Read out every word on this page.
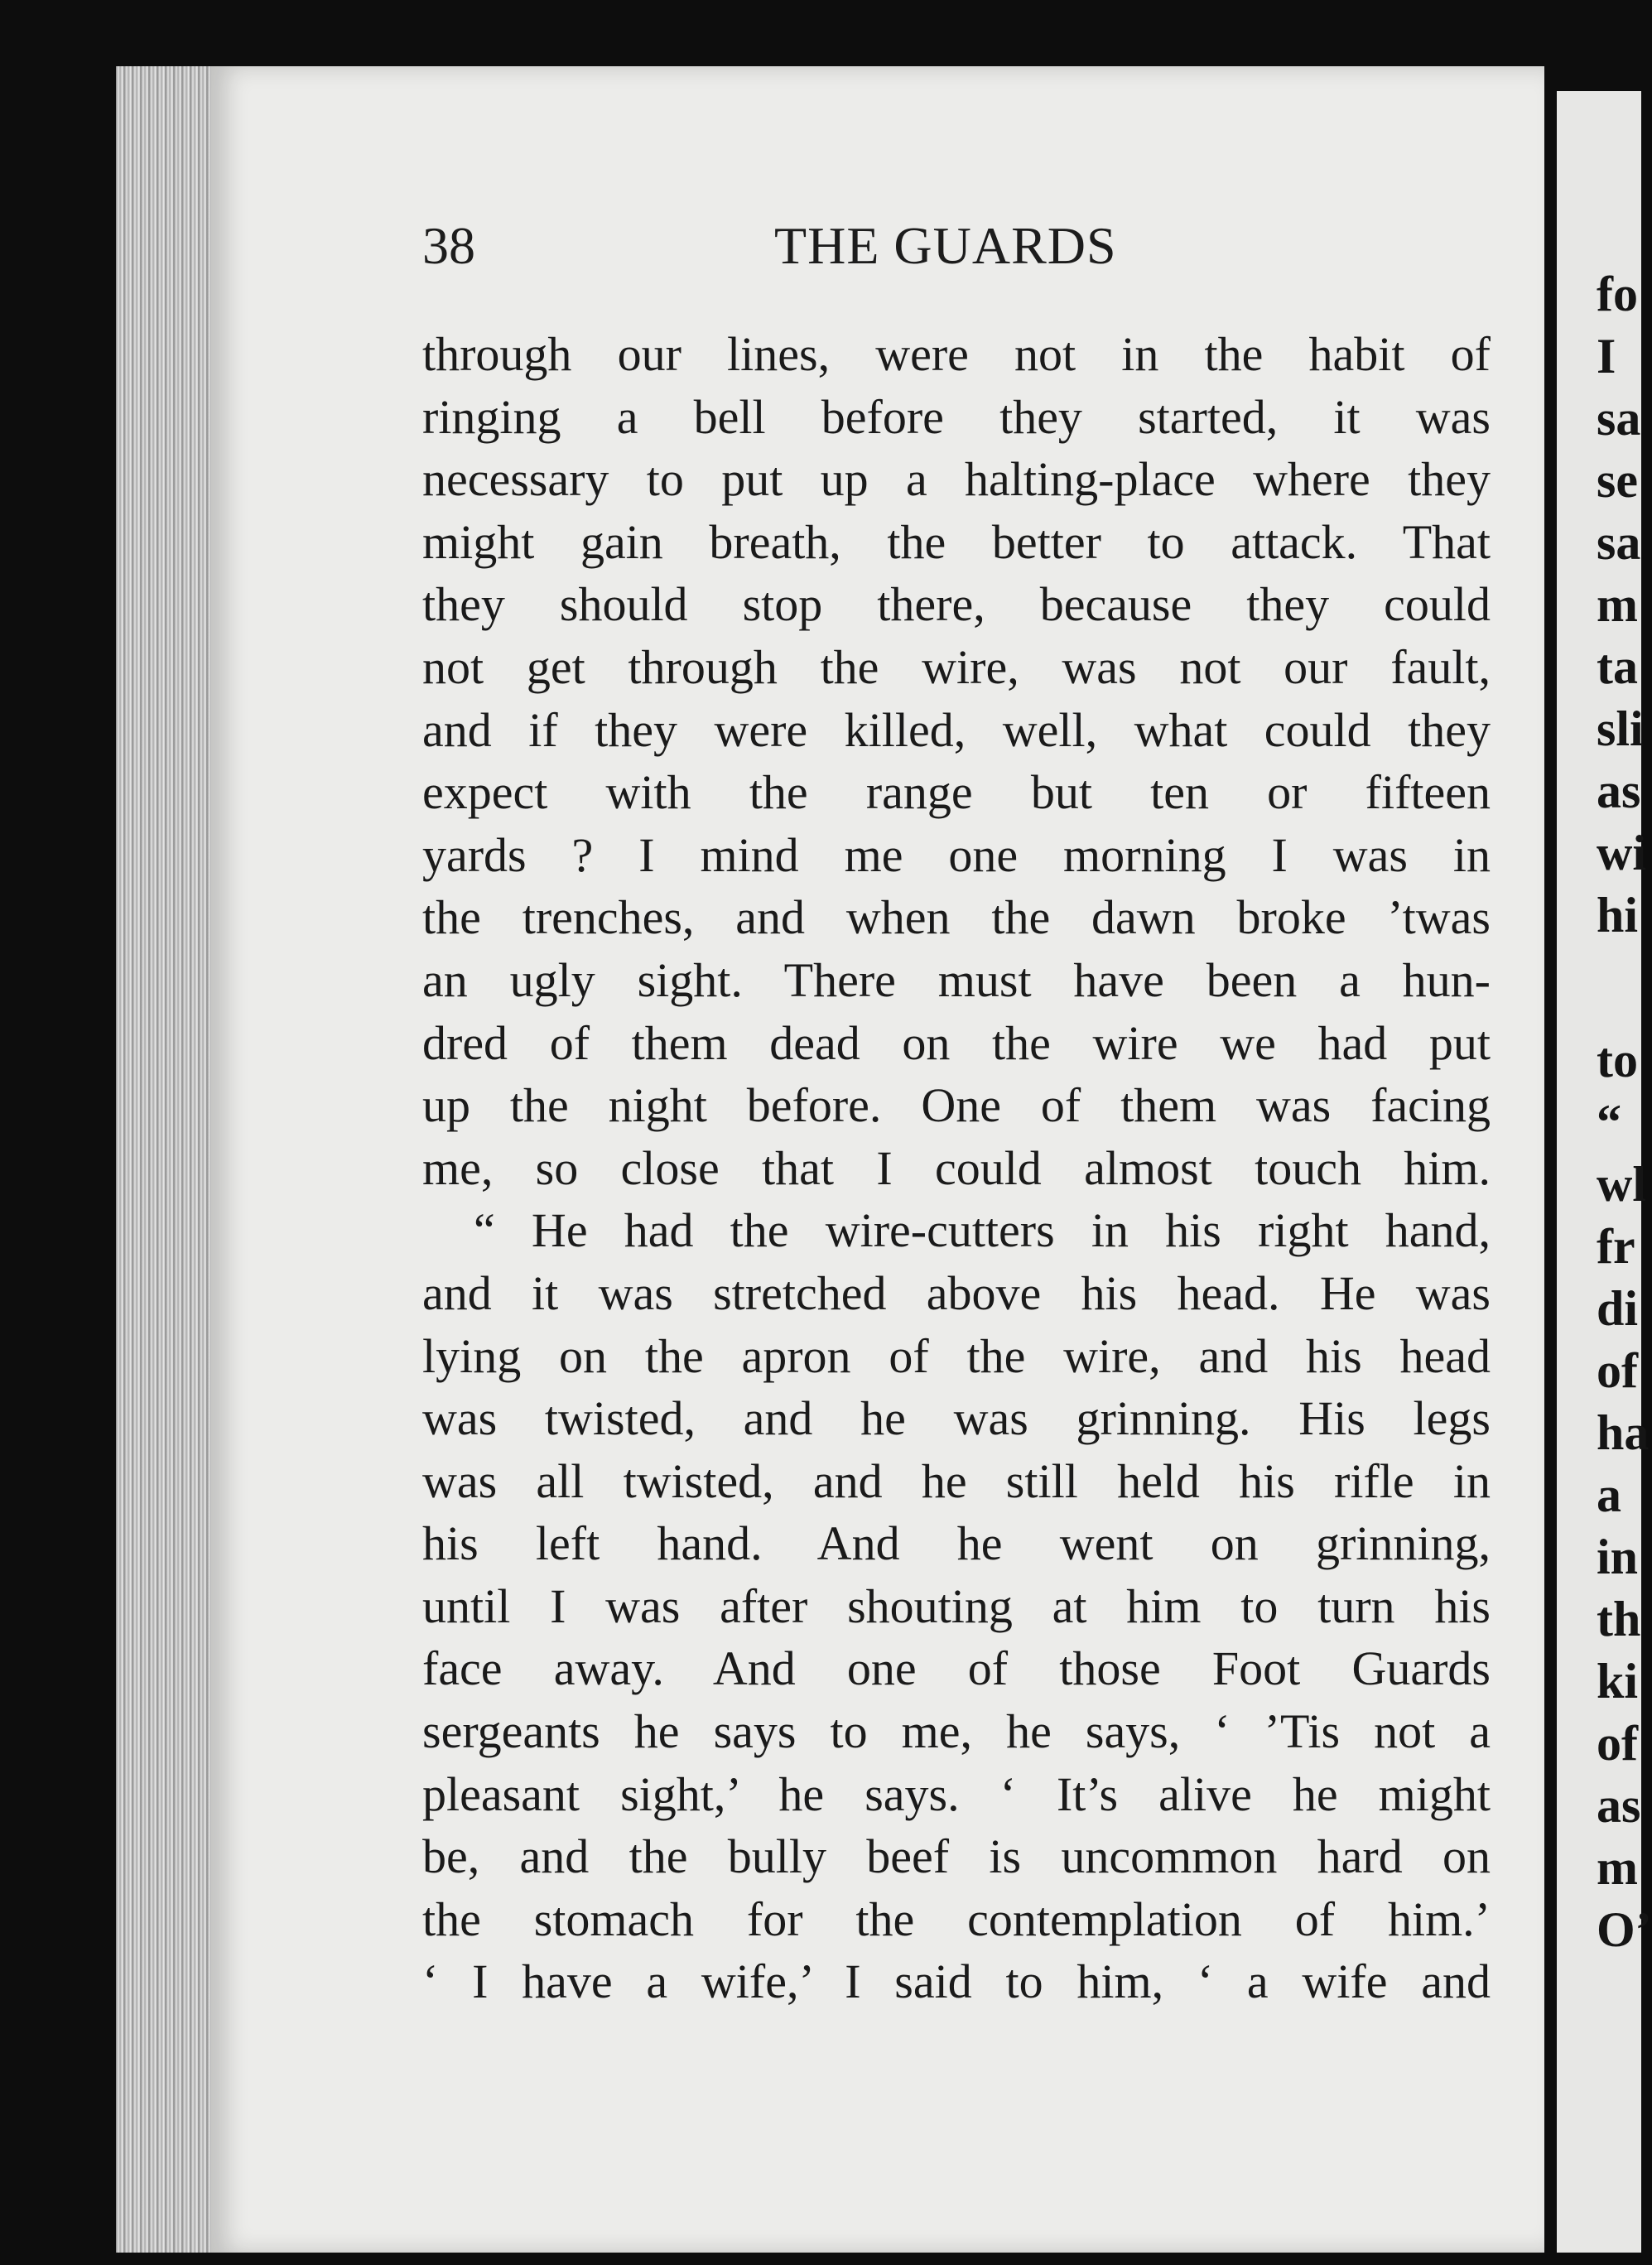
38	THE GUARDS
through our lines, were not in the habit of
ringing a bell before they started, it was
necessary to put up a halting-place where they
might gain breath, the better to attack. That
they should stop there, because they could
not get through the wire, was not our fault,
and if they were killed, well, what could they
expect with the range but ten or fifteen
yards ? I mind me one morning I was in
the trenches, and when the dawn broke ’twas
an ugly sight. There must have been a hun-
dred of them dead on the wire we had put
up the night before. One of them was facing
me, so close that I could almost touch him.
“ He had the wire-cutters in his right hand,
and it was stretched above his head. He was
lying on the apron of the wire, and his head
was twisted, and he was grinning. His legs
was all twisted, and he still held his rifle in
his left hand. And he went on grinning,
until I was after shouting at him to turn his
face away. And one of those Foot Guards
sergeants he says to me, he says, ‘ ’Tis not a
pleasant sight,’ he says. ‘ It’s alive he might
be, and the bully beef is uncommon hard on
the stomach for the contemplation of him.’
‘ I have a wife,’ I said to him, ‘ a wife and
fo
I
sa
se
sa
m
ta
sli
as
wi
hi
to
“
wl
fr
di
of
ha
a
in
th
ki
of
as
m
O’
